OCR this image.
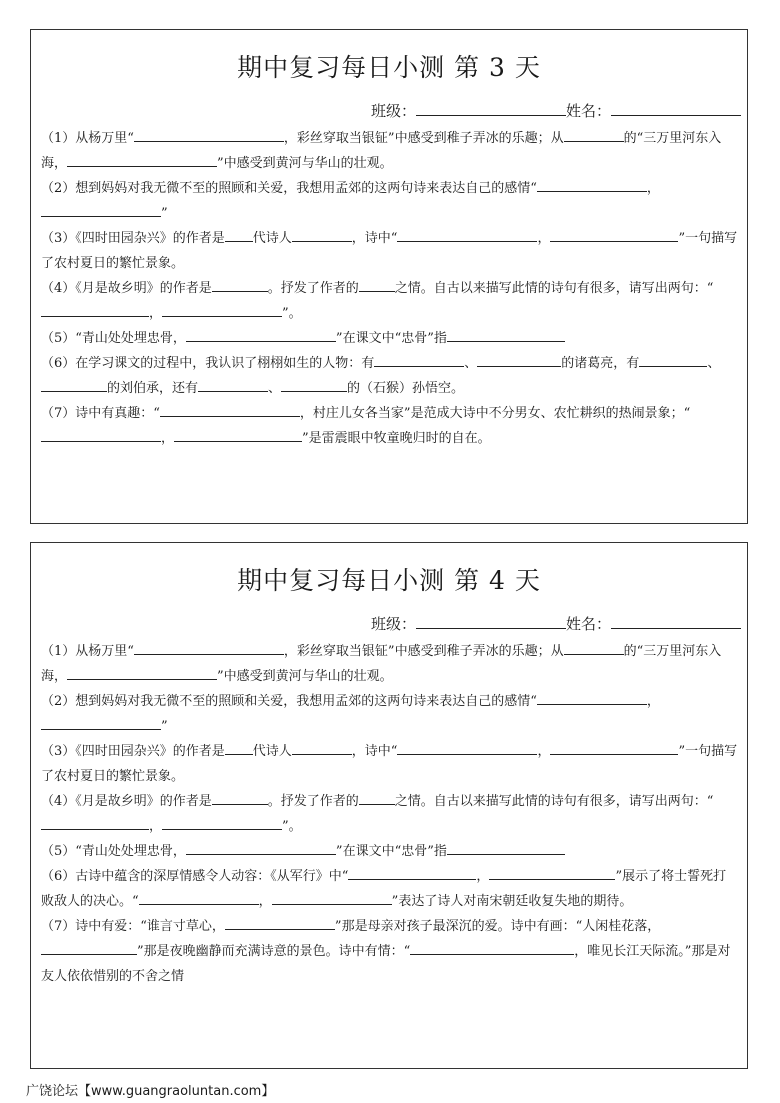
期中复习每日小测 第 3 天
班级：	姓名：

（1）从杨万里“	，彩丝穿取当银钲”中感受到稚子弄冰的乐趣；从	的“三万里河东入海，	”中感受到黄河与华山的壮观。

（2）想到妈妈对我无微不至的照顾和关爱，我想用孟郊的这两句诗来表达自己的感情“	，”

（3）《四时田园杂兴》的作者是 代诗人	，诗中“	，	”一句描写了农村夏日的繁忙景象。

（4）《月是故乡明》的作者是	。抒发了作者的	之情。自古以来描写此情的诗句有很多，请写出两句：“，	”。

（5）“青山处处埋忠骨，	”在课文中“忠骨”指

（6）在学习课文的过程中，我认识了栩栩如生的人物：有	、	的诸葛亮，有	、的刘伯承，还有	、	的（石猴）孙悟空。

（7）诗中有真趣：“	，村庄儿女各当家”是范成大诗中不分男女、农忙耕织的热闹景象；“，	”是雷震眼中牧童晚归时的自在。

期中复习每日小测 第 4 天
班级：	姓名：

（1）从杨万里“	，彩丝穿取当银钲”中感受到稚子弄冰的乐趣；从	的“三万里河东入海，	”中感受到黄河与华山的壮观。

（2）想到妈妈对我无微不至的照顾和关爱，我想用孟郊的这两句诗来表达自己的感情“	，”

（3）《四时田园杂兴》的作者是 代诗人	，诗中“	，	”一句描写了农村夏日的繁忙景象。

（4）《月是故乡明》的作者是	。抒发了作者的	之情。自古以来描写此情的诗句有很多，请写出两句：“，	”。

（5）“青山处处埋忠骨，	”在课文中“忠骨”指

（6）古诗中蕴含的深厚情感令人动容：《从军行》中“	，	”展示了将士誓死打败敌人的决心。“	，	”表达了诗人对南宋朝廷收复失地的期待。

（7）诗中有爱：“谁言寸草心，	”那是母亲对孩子最深沉的爱。诗中有画：“人闲桂花落，”那是夜晚幽静而充满诗意的景色。诗中有情：“	，唯见长江天际流。”那是对友人依依惜别的不舍之情

广饶论坛【www.guangraoluntan.com】
